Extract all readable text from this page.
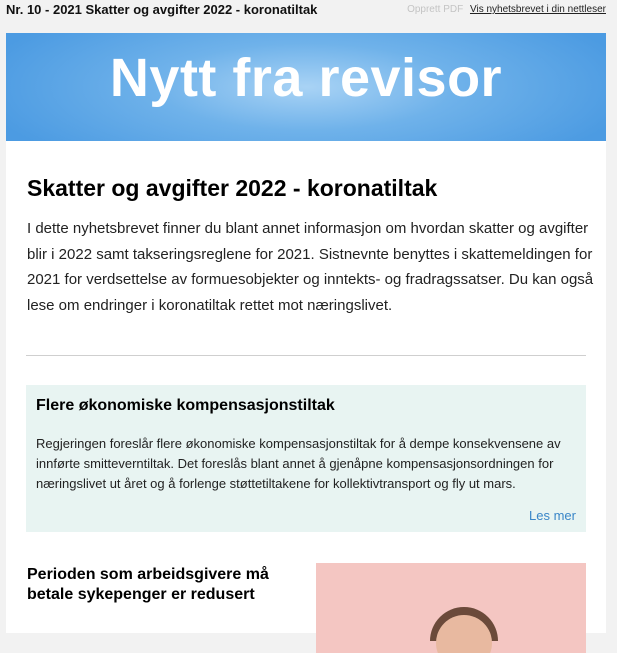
Nr. 10 - 2021 Skatter og avgifter 2022 - koronatiltak	Opprett PDF Vis nyhetsbrevet i din nettleser
Nytt fra revisor
Skatter og avgifter 2022 - koronatiltak

I dette nyhetsbrevet finner du blant annet informasjon om hvordan skatter og avgifter blir i 2022 samt takseringsreglene for 2021. Sistnevnte benyttes i skattemeldingen for 2021 for verdsettelse av formuesobjekter og inntekts- og fradragssatser. Du kan også lese om endringer i koronatiltak rettet mot næringslivet.

Flere økonomiske kompensasjonstiltak

Regjeringen foreslår flere økonomiske kompensasjonstiltak for å dempe konsekvensene av innførte smitteverntiltak. Det foreslås blant annet å gjenåpne kompensasjonsordningen for næringslivet ut året og å forlenge støttetiltakene for kollektivtransport og fly ut mars.

Les mer
Perioden som arbeidsgivere må betale sykepenger er redusert
